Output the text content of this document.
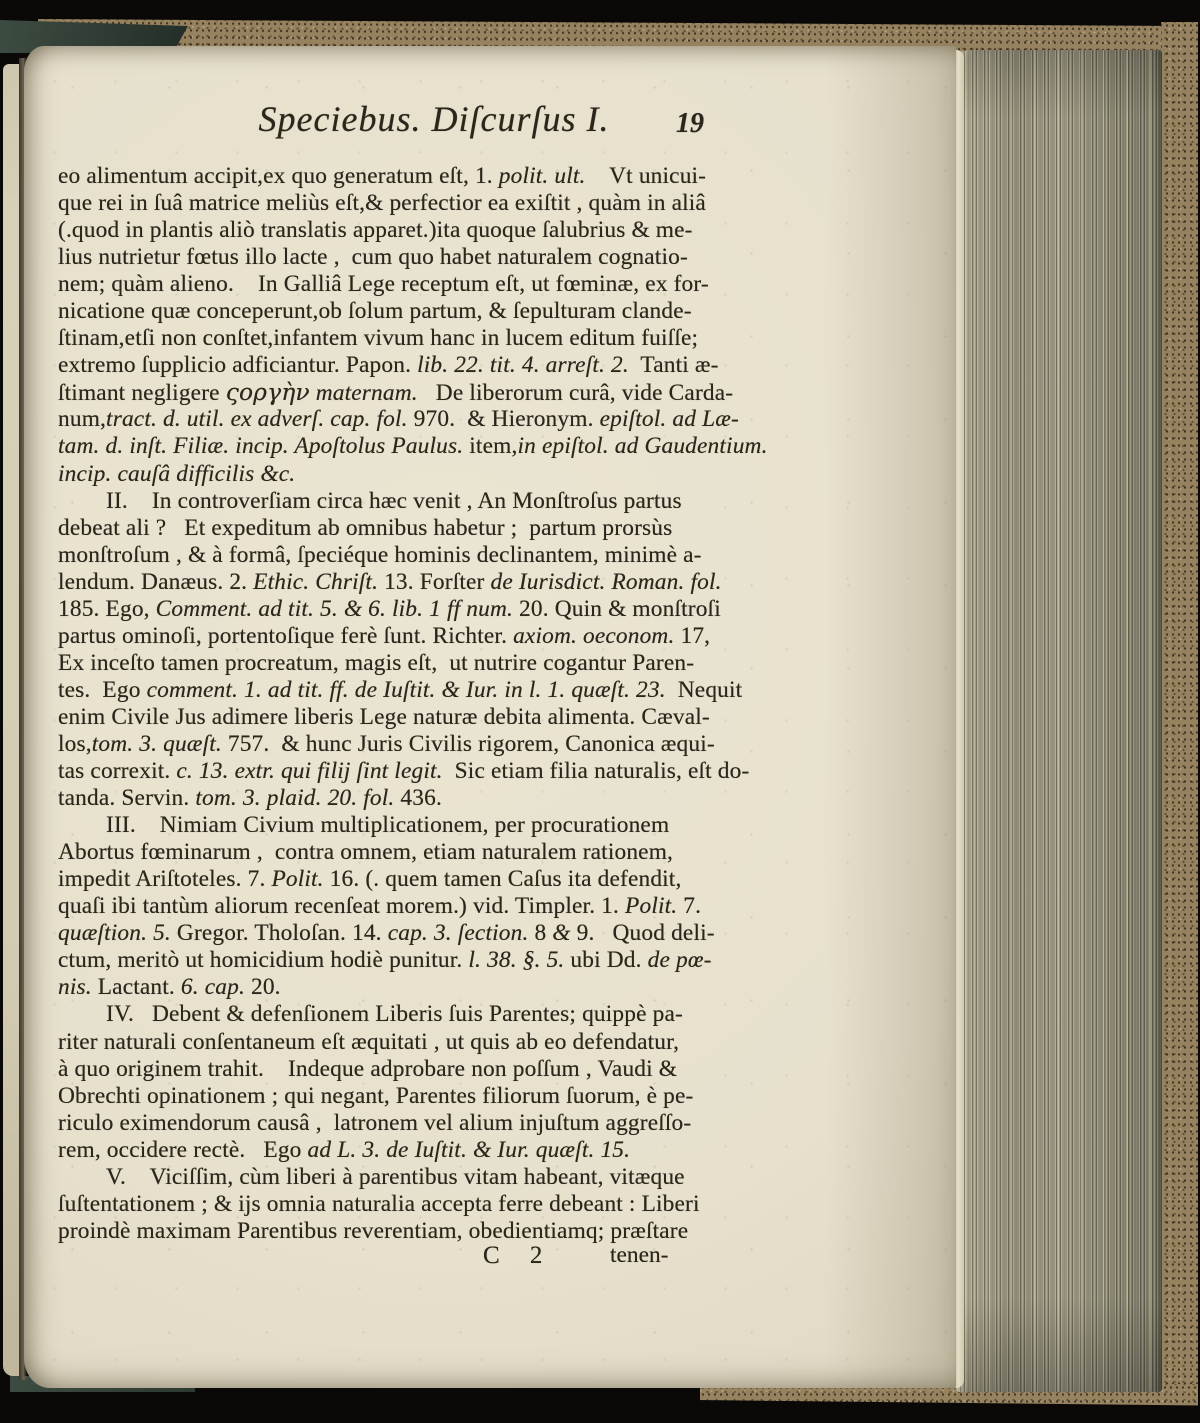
Speciebus. Diſcurſus I.	19
eo alimentum accipit,ex quo generatum eſt, 1. polit. ult.    Vt unicui-
que rei in ſuâ matrice meliùs eſt,& perfectior ea exiſtit , quàm in aliâ
(.quod in plantis aliò translatis apparet.)ita quoque ſalubrius & me-
lius nutrietur fœtus illo lacte ,  cum quo habet naturalem cognatio-
nem; quàm alieno.    In Galliâ Lege receptum eſt, ut fœminæ, ex for-
nicatione quæ conceperunt,ob ſolum partum, & ſepulturam clande-
ſtinam,etſi non conſtet,infantem vivum hanc in lucem editum fuiſſe;
extremo ſupplicio adficiantur. Papon. lib. 22. tit. 4. arreſt. 2.  Tanti æ-
ſtimant negligere ςοργὴν maternam.   De liberorum curâ, vide Carda-
num,tract. d. util. ex adverſ. cap. fol. 970.  & Hieronym. epiſtol. ad Læ-
tam. d. inſt. Filiæ. incip. Apoſtolus Paulus. item,in epiſtol. ad Gaudentium.
incip. cauſâ difficilis &c.
II.    In controverſiam circa hæc venit , An Monſtroſus partus
debeat ali ?   Et expeditum ab omnibus habetur ;  partum prorsùs
monſtroſum , & à formâ, ſpeciéque hominis declinantem, minimè a-
lendum. Danæus. 2. Ethic. Chriſt. 13. Forſter de Iurisdict. Roman. fol.
185. Ego, Comment. ad tit. 5. & 6. lib. 1 ff num. 20. Quin & monſtroſi
partus ominoſi, portentoſique ferè ſunt. Richter. axiom. oeconom. 17,
Ex inceſto tamen procreatum, magis eſt,  ut nutrire cogantur Paren-
tes.  Ego comment. 1. ad tit. ff. de Iuſtit. & Iur. in l. 1. quæſt. 23.  Nequit
enim Civile Jus adimere liberis Lege naturæ debita alimenta. Cæval-
los,tom. 3. quæſt. 757.  & hunc Juris Civilis rigorem, Canonica æqui-
tas correxit. c. 13. extr. qui filij ſint legit.  Sic etiam filia naturalis, eſt do-
tanda. Servin. tom. 3. plaid. 20. fol. 436.
III.    Nimiam Civium multiplicationem, per procurationem
Abortus fœminarum ,  contra omnem, etiam naturalem rationem,
impedit Ariſtoteles. 7. Polit. 16. (. quem tamen Caſus ita defendit,
quaſi ibi tantùm aliorum recenſeat morem.) vid. Timpler. 1. Polit. 7.
quæſtion. 5. Gregor. Tholoſan. 14. cap. 3. ſection. 8 & 9.   Quod deli-
ctum, meritò ut homicidium hodiè punitur. l. 38. §. 5. ubi Dd. de pœ-
nis. Lactant. 6. cap. 20.
IV.   Debent & defenſionem Liberis ſuis Parentes; quippè pa-
riter naturali conſentaneum eſt æquitati , ut quis ab eo defendatur,
à quo originem trahit.    Indeque adprobare non poſſum , Vaudi &
Obrechti opinationem ; qui negant, Parentes filiorum ſuorum, è pe-
riculo eximendorum causâ ,  latronem vel alium injuſtum aggreſſo-
rem, occidere rectè.   Ego ad L. 3. de Iuſtit. & Iur. quæſt. 15.
V.    Viciſſim, cùm liberi à parentibus vitam habeant, vitæque
ſuſtentationem ; & ijs omnia naturalia accepta ferre debeant : Liberi
proindè maximam Parentibus reverentiam, obedientiamq; præſtare
C 2 tenen-
